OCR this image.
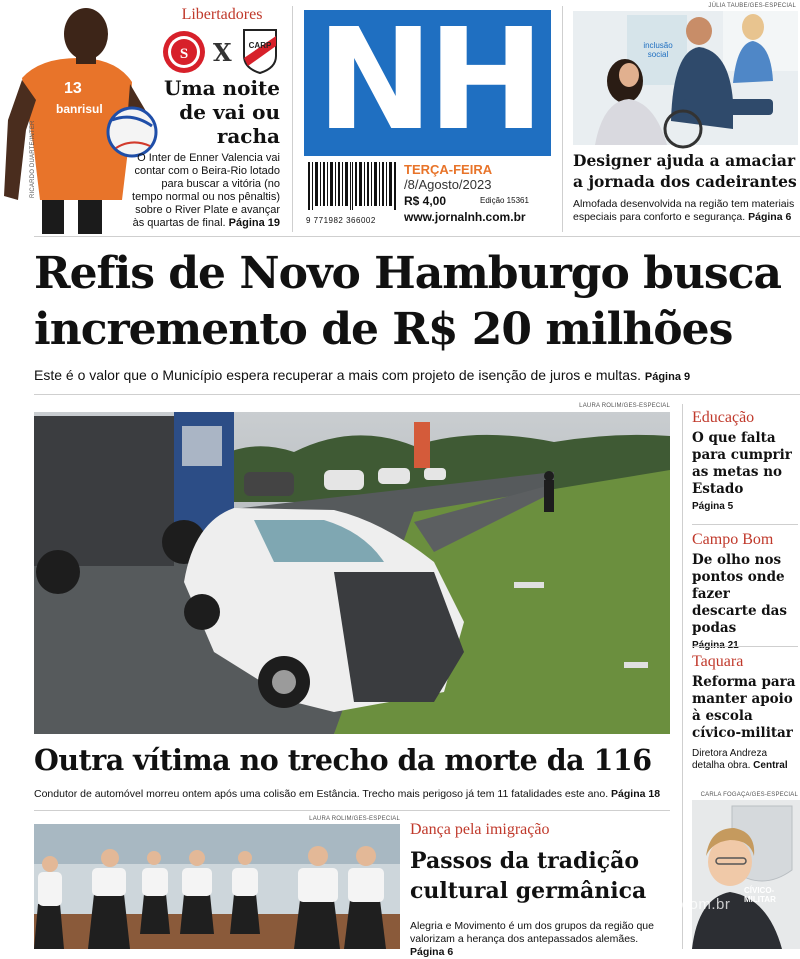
13
banrisul
RICARDO DUARTE/INTER
Libertadores
S X CARP
Uma noite de vai ou racha
O Inter de Enner Valencia vai contar com o Beira-Rio lotado para buscar a vitória (no tempo normal ou nos pênaltis) sobre o River Plate e avançar às quartas de final. Página 19
NH
9 771982 366002
TERÇA-FEIRA
/8/Agosto/2023
R$ 4,00	Edição 15361
www.jornalnh.com.br
JÚLIA TAUBE/GES-ESPECIAL
inclusão social
Designer ajuda a amaciar a jornada dos cadeirantes
Almofada desenvolvida na região tem materiais especiais para conforto e segurança. Página 6
Refis de Novo Hamburgo busca
incremento de R$ 20 milhões
Este é o valor que o Município espera recuperar a mais com projeto de isenção de juros e multas. Página 9
LAURA ROLIM/GES-ESPECIAL
Outra vítima no trecho da morte da 116
Condutor de automóvel morreu ontem após uma colisão em Estância. Trecho mais perigoso já tem 11 fatalidades este ano. Página 18
Educação
O que falta para cumprir as metas no Estado
Página 5
Campo Bom
De olho nos pontos onde fazer descarte das podas
Taquara
Reforma para manter apoio à escola cívico-militar
Diretora Andreza detalha obra. Central
CARLA FOGAÇA/GES-ESPECIAL
CÍVICO-MILITAR
LAURA ROLIM/GES-ESPECIAL
Dança pela imigração
Passos da tradição cultural germânica
Alegria e Movimento é um dos grupos da região que valorizam a herança dos antepassados alemães. Página 6
vercapas.com.br
